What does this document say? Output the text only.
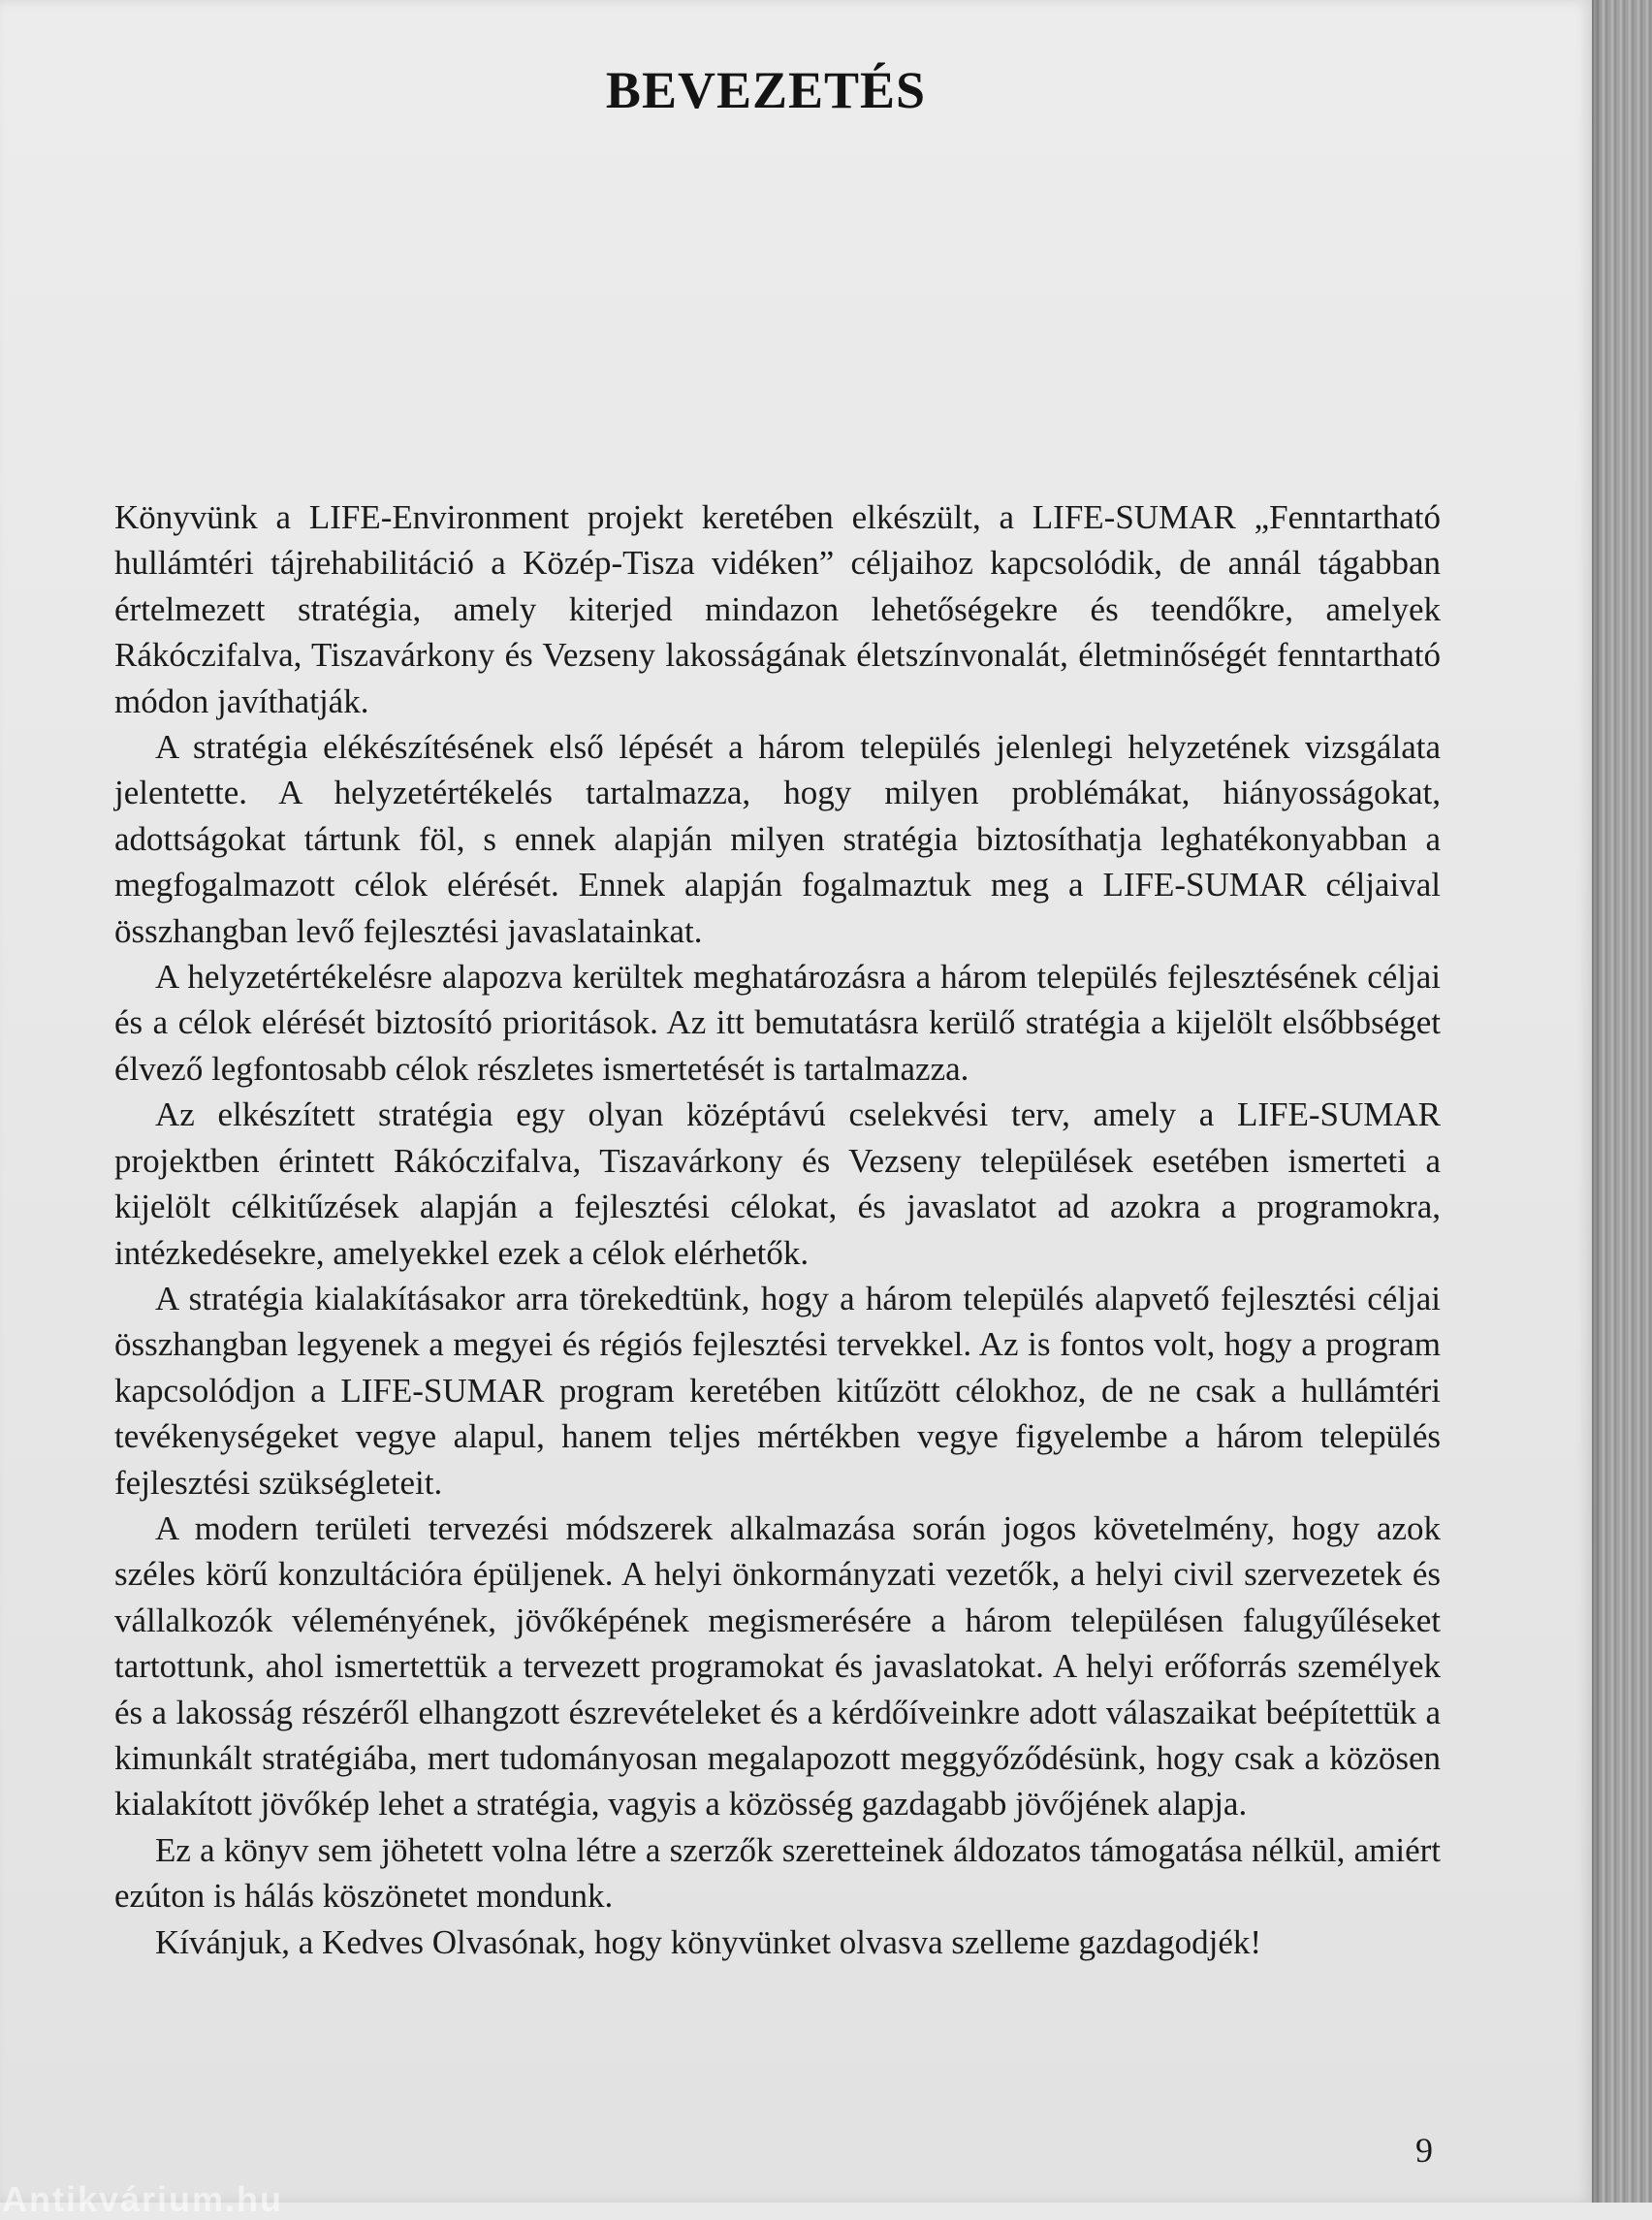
BEVEZETÉS

Könyvünk a LIFE-Environment projekt keretében elkészült, a LIFE-SUMAR „Fenntartható hullámtéri tájrehabilitáció a Közép-Tisza vidéken” céljaihoz kapcsolódik, de annál tágabban értelmezett stratégia, amely kiterjed mindazon lehetőségekre és teendőkre, amelyek Rákóczifalva, Tiszavárkony és Vezseny lakosságának életszínvonalát, életminőségét fenntartható módon javíthatják.

A stratégia elékészítésének első lépését a három település jelenlegi helyzetének vizsgálata jelentette. A helyzetértékelés tartalmazza, hogy milyen problémákat, hiányosságokat, adottságokat tártunk föl, s ennek alapján milyen stratégia biztosíthatja leghatékonyabban a megfogalmazott célok elérését. Ennek alapján fogalmaztuk meg a LIFE-SUMAR céljaival összhangban levő fejlesztési javaslatainkat.

A helyzetértékelésre alapozva kerültek meghatározásra a három település fejlesztésének céljai és a célok elérését biztosító prioritások. Az itt bemutatásra kerülő stratégia a kijelölt elsőbbséget élvező legfontosabb célok részletes ismertetését is tartalmazza.

Az elkészített stratégia egy olyan középtávú cselekvési terv, amely a LIFE-SUMAR projektben érintett Rákóczifalva, Tiszavárkony és Vezseny települések esetében ismerteti a kijelölt célkitűzések alapján a fejlesztési célokat, és javaslatot ad azokra a programokra, intézkedésekre, amelyekkel ezek a célok elérhetők.

A stratégia kialakításakor arra törekedtünk, hogy a három település alapvető fejlesztési céljai összhangban legyenek a megyei és régiós fejlesztési tervekkel. Az is fontos volt, hogy a program kapcsolódjon a LIFE-SUMAR program keretében kitűzött célokhoz, de ne csak a hullámtéri tevékenységeket vegye alapul, hanem teljes mértékben vegye figyelembe a három település fejlesztési szükségleteit.

A modern területi tervezési módszerek alkalmazása során jogos követelmény, hogy azok széles körű konzultációra épüljenek. A helyi önkormányzati vezetők, a helyi civil szervezetek és vállalkozók véleményének, jövőképének megismerésére a három településen falugyűléseket tartottunk, ahol ismertettük a tervezett programokat és javaslatokat. A helyi erőforrás személyek és a lakosság részéről elhangzott észrevételeket és a kérdőíveinkre adott válaszaikat beépítettük a kimunkált stratégiába, mert tudományosan megalapozott meggyőződésünk, hogy csak a közösen kialakított jövőkép lehet a stratégia, vagyis a közösség gazdagabb jövőjének alapja.

Ez a könyv sem jöhetett volna létre a szerzők szeretteinek áldozatos támogatása nélkül, amiért ezúton is hálás köszönetet mondunk.

Kívánjuk, a Kedves Olvasónak, hogy könyvünket olvasva szelleme gazdagodjék!

9
Antikvárium.hu
